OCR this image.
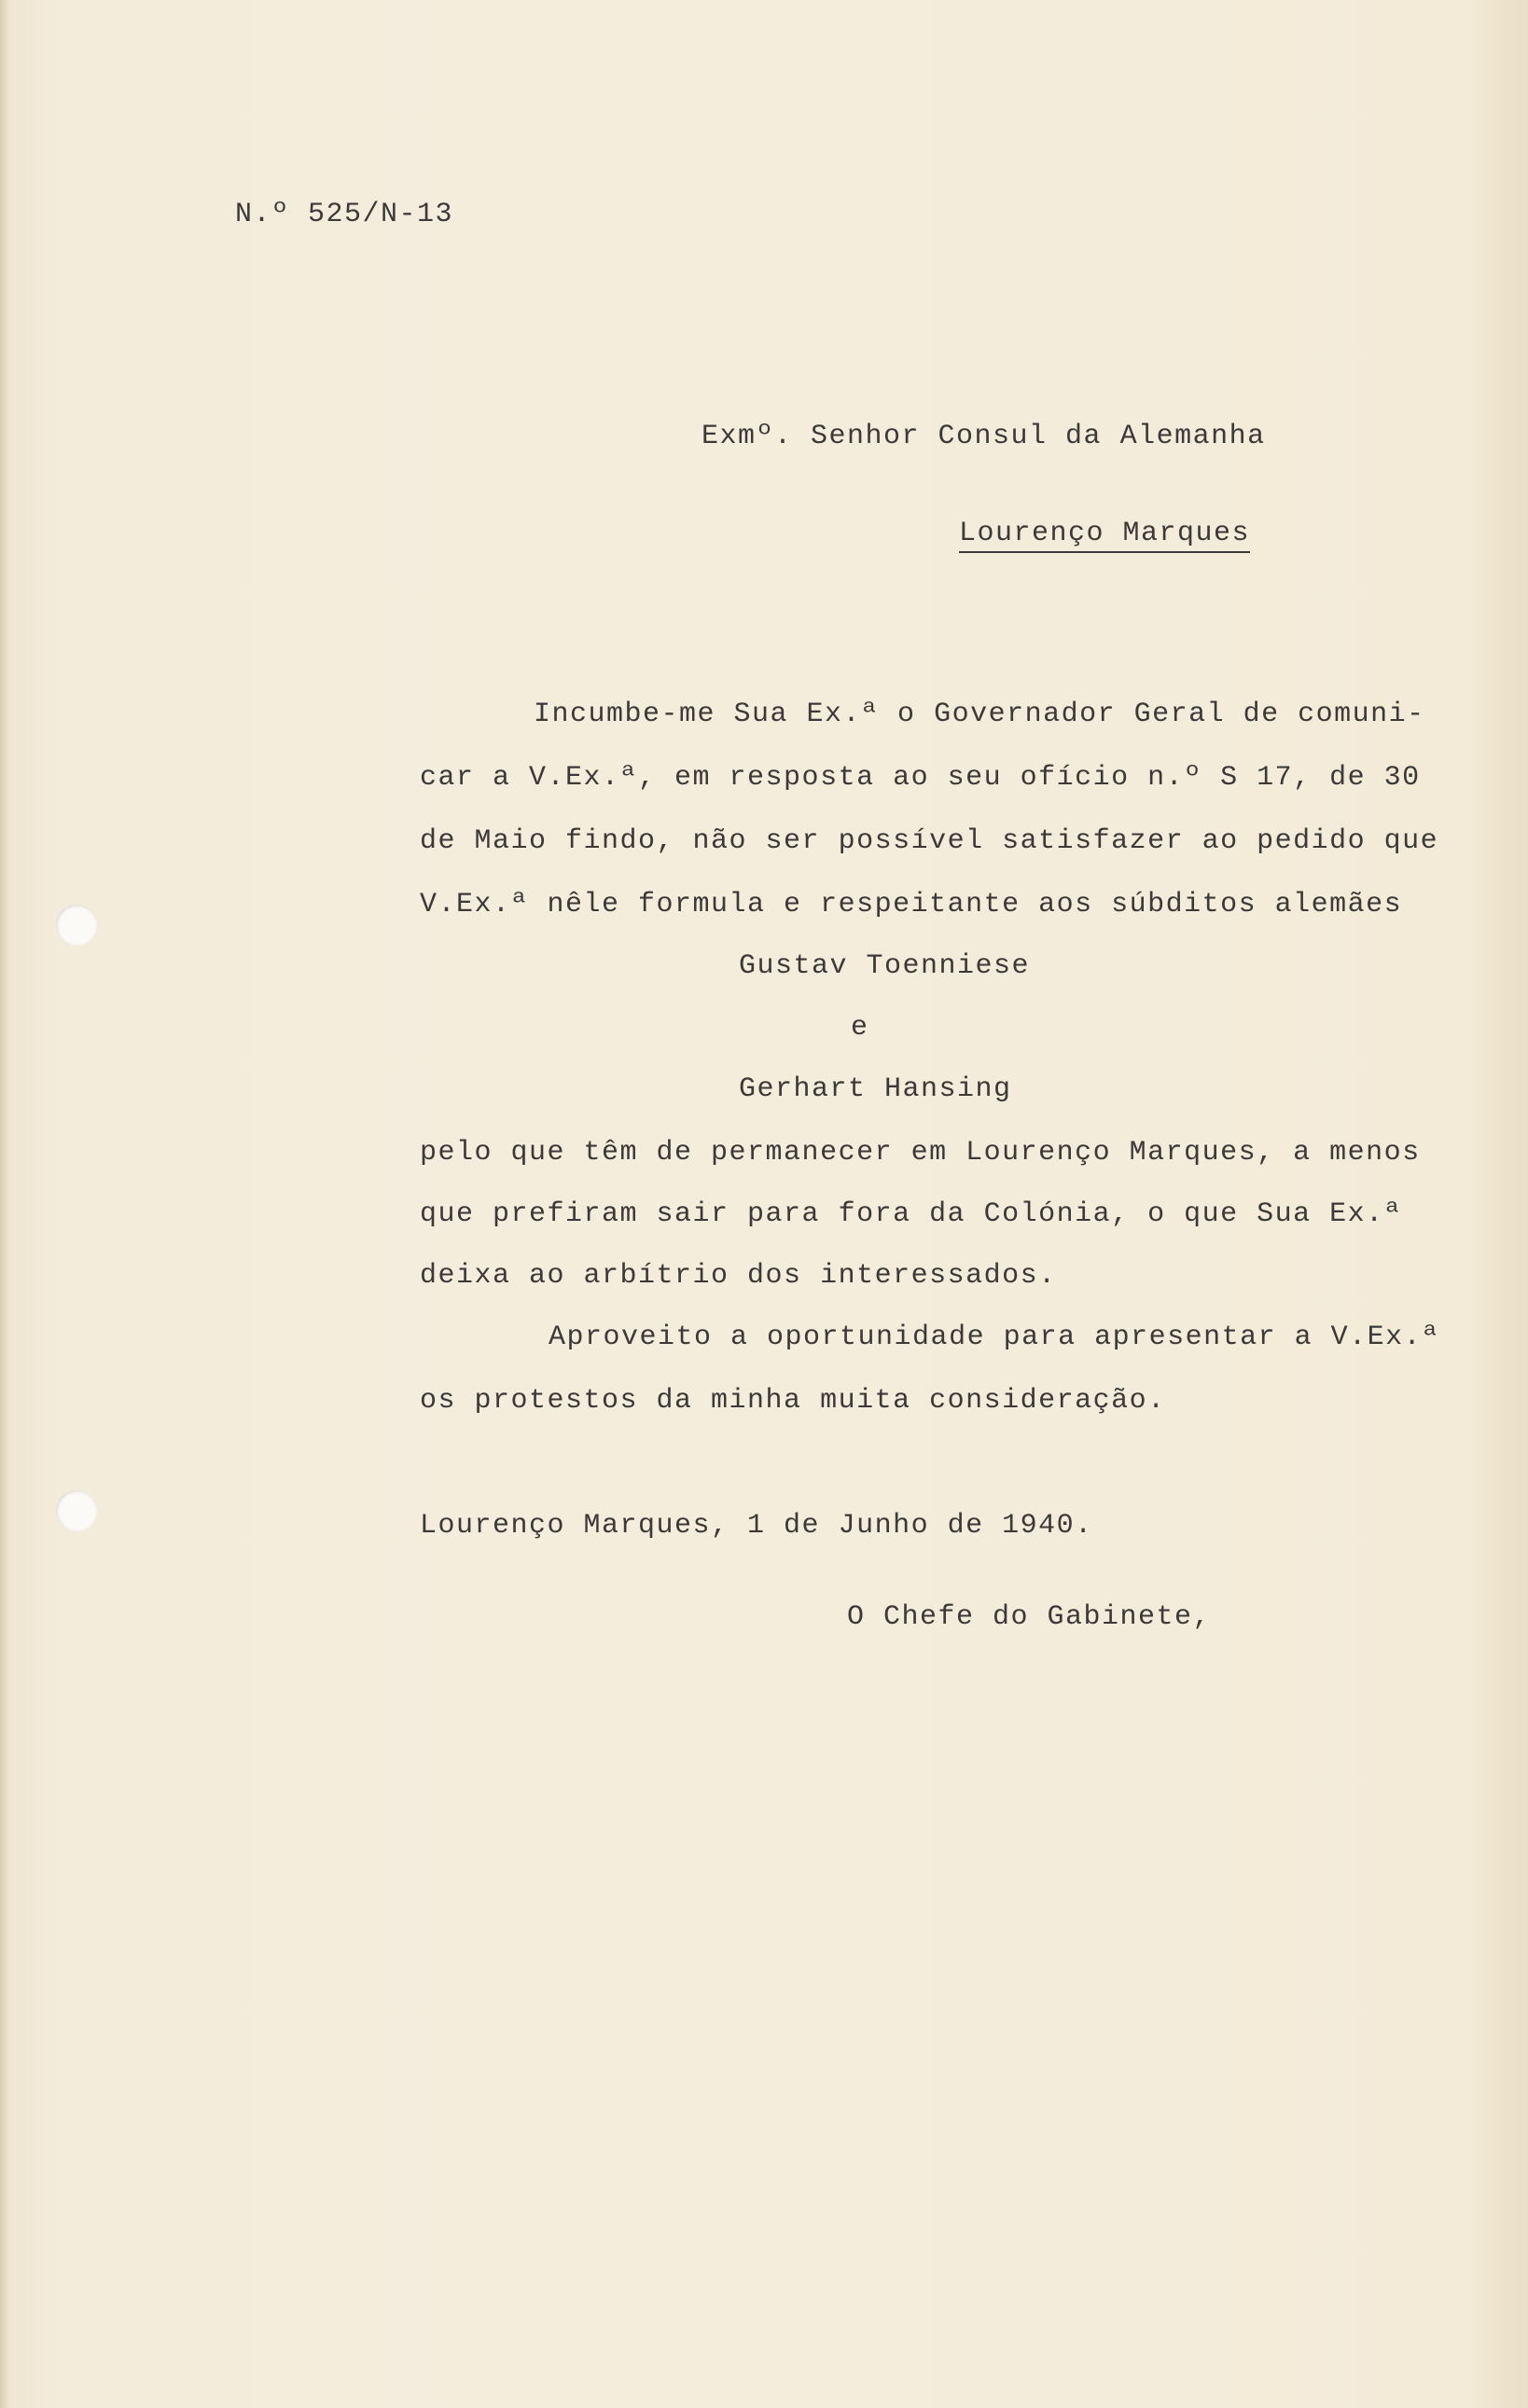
N.º 525/N-13
Exmº. Senhor Consul da Alemanha

Lourenço Marques

Incumbe-me Sua Ex.ª o Governador Geral de comuni-
car a V.Ex.ª, em resposta ao seu ofício n.º S 17, de 30
de Maio findo, não ser possível satisfazer ao pedido que
V.Ex.ª nêle formula e respeitante aos súbditos alemães
Gustav Toenniese
e
Gerhart Hansing
pelo que têm de permanecer em Lourenço Marques, a menos
que prefiram sair para fora da Colónia, o que Sua Ex.ª
deixa ao arbítrio dos interessados.
Aproveito a oportunidade para apresentar a V.Ex.ª
os protestos da minha muita consideração.
Lourenço Marques, 1 de Junho de 1940.
O Chefe do Gabinete,
